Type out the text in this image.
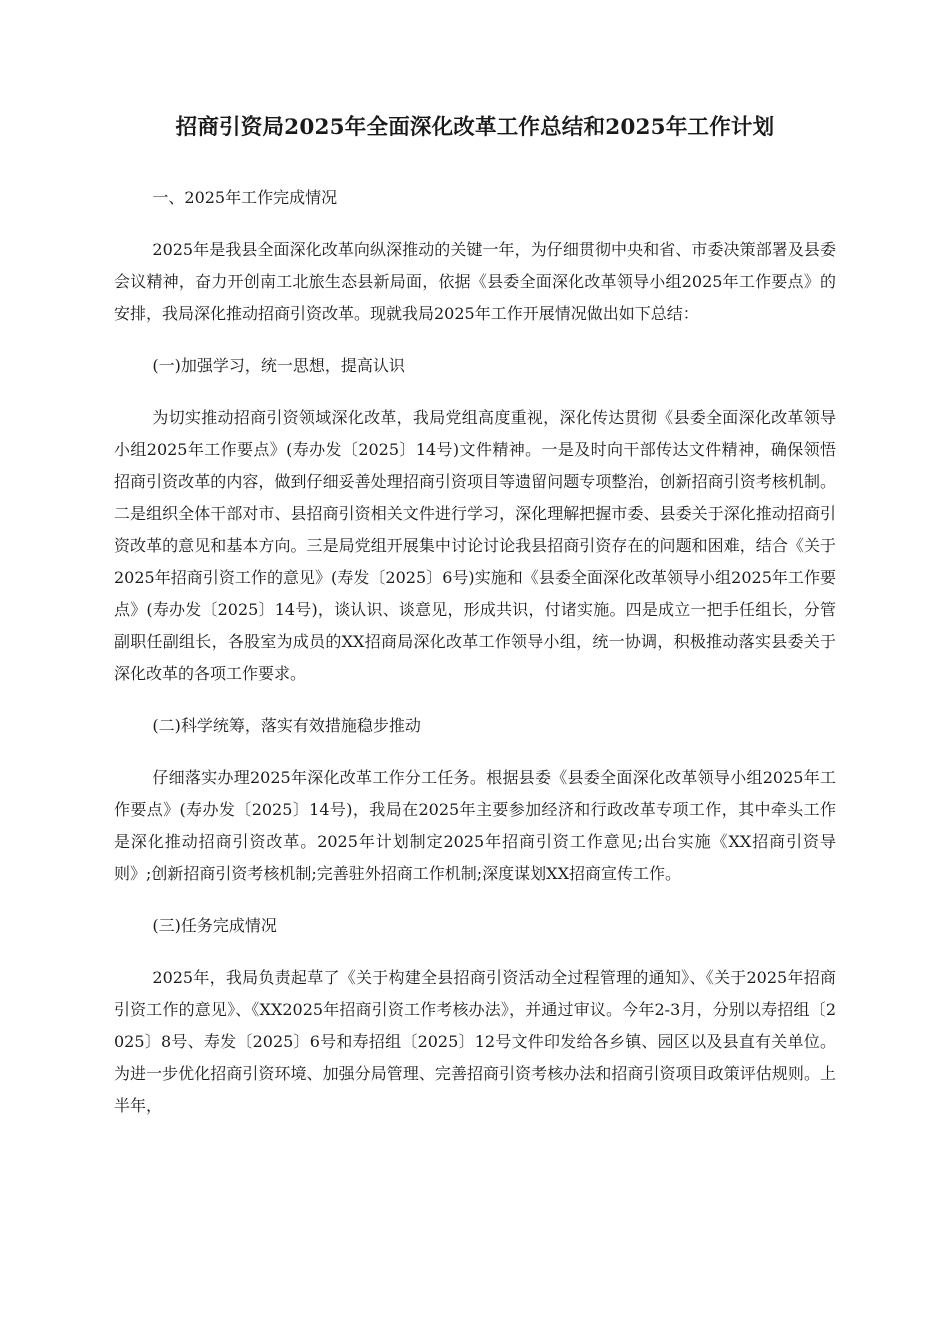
招商引资局2025年全面深化改革工作总结和2025年工作计划

一、2025年工作完成情况

2025年是我县全面深化改革向纵深推动的关键一年，为仔细贯彻中央和省、市委决策部署及县委会议精神，奋力开创南工北旅生态县新局面，依据《县委全面深化改革领导小组2025年工作要点》的安排，我局深化推动招商引资改革。现就我局2025年工作开展情况做出如下总结：

(一)加强学习，统一思想，提高认识

为切实推动招商引资领域深化改革，我局党组高度重视，深化传达贯彻《县委全面深化改革领导小组2025年工作要点》(寿办发〔2025〕14号)文件精神。一是及时向干部传达文件精神，确保领悟招商引资改革的内容，做到仔细妥善处理招商引资项目等遗留问题专项整治，创新招商引资考核机制。二是组织全体干部对市、县招商引资相关文件进行学习，深化理解把握市委、县委关于深化推动招商引资改革的意见和基本方向。三是局党组开展集中讨论讨论我县招商引资存在的问题和困难，结合《关于2025年招商引资工作的意见》(寿发〔2025〕6号)实施和《县委全面深化改革领导小组2025年工作要点》(寿办发〔2025〕14号)，谈认识、谈意见，形成共识，付诸实施。四是成立一把手任组长，分管副职任副组长，各股室为成员的XX招商局深化改革工作领导小组，统一协调，积极推动落实县委关于深化改革的各项工作要求。

(二)科学统筹，落实有效措施稳步推动

仔细落实办理2025年深化改革工作分工任务。根据县委《县委全面深化改革领导小组2025年工作要点》(寿办发〔2025〕14号)，我局在2025年主要参加经济和行政改革专项工作，其中牵头工作是深化推动招商引资改革。2025年计划制定2025年招商引资工作意见;出台实施《XX招商引资导则》;创新招商引资考核机制;完善驻外招商工作机制;深度谋划XX招商宣传工作。

(三)任务完成情况

2025年，我局负责起草了《关于构建全县招商引资活动全过程管理的通知》、《关于2025年招商引资工作的意见》、《XX2025年招商引资工作考核办法》，并通过审议。今年2-3月，分别以寿招组〔2025〕8号、寿发〔2025〕6号和寿招组〔2025〕12号文件印发给各乡镇、园区以及县直有关单位。为进一步优化招商引资环境、加强分局管理、完善招商引资考核办法和招商引资项目政策评估规则。上半年，
